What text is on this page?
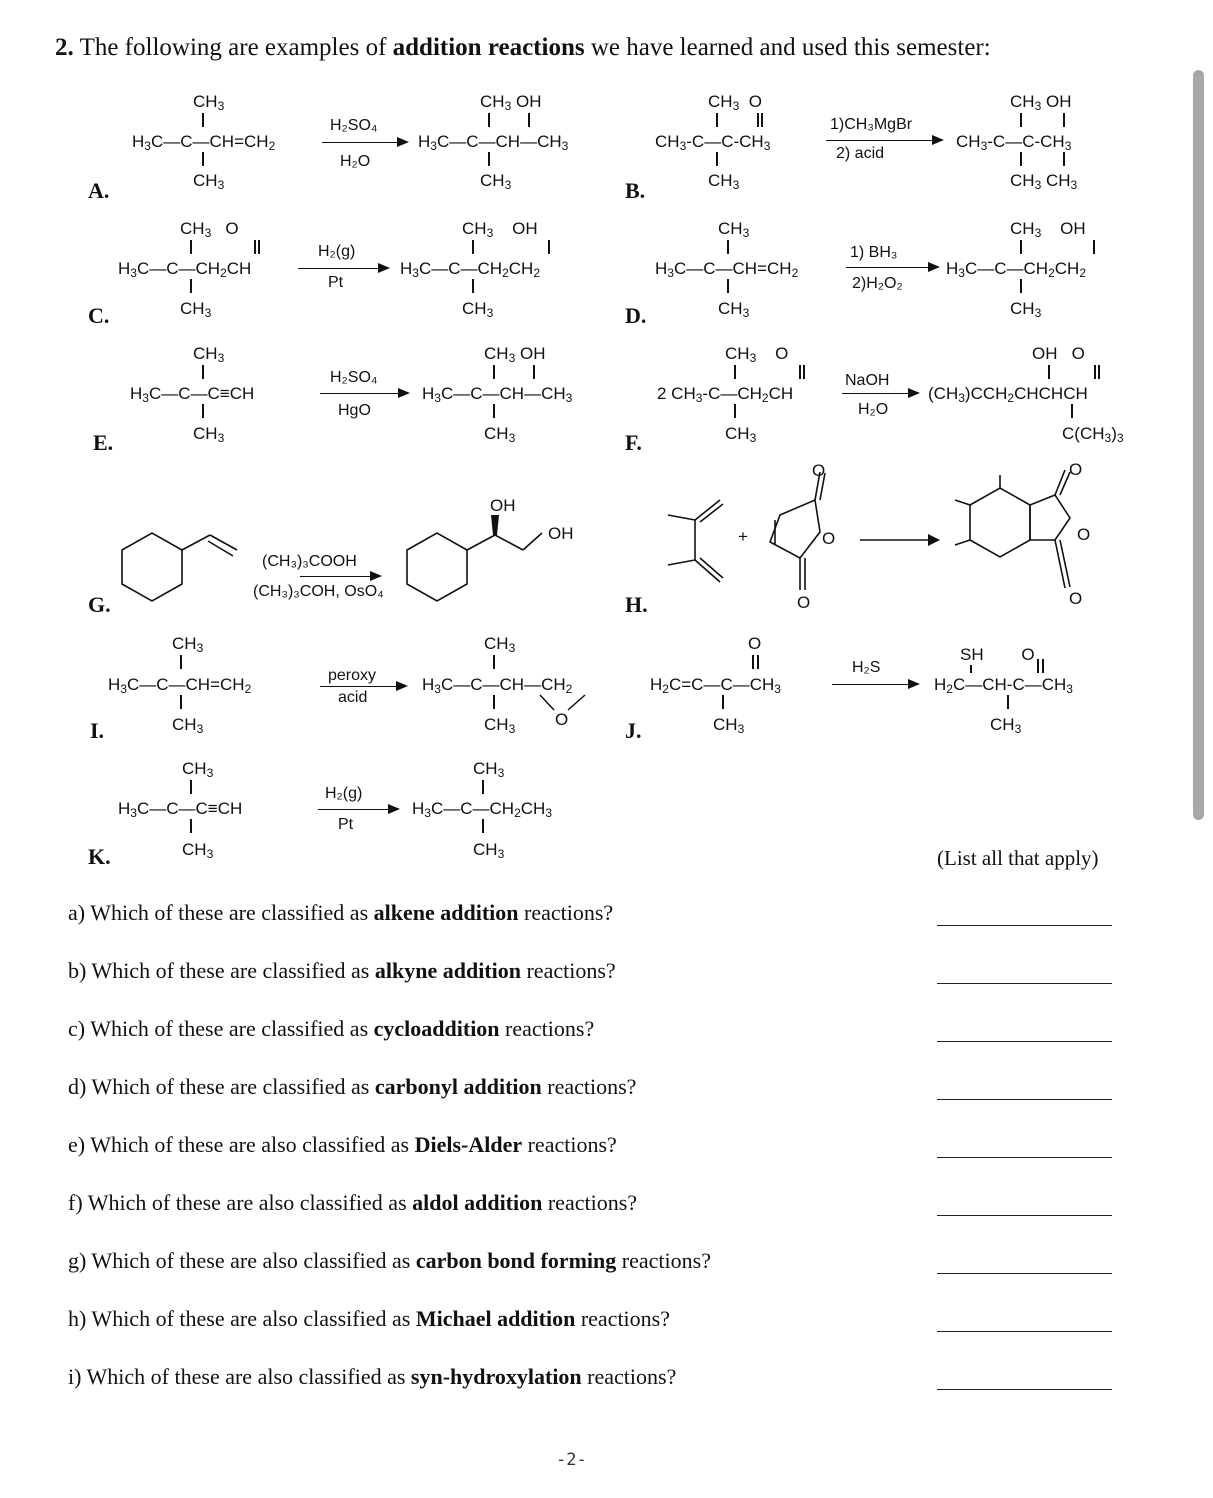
2. The following are examples of addition reactions we have learned and used this semester:
A.	B.
C.	D.
E.	F.
G.	H.
I.	J.
K.
$CH_3$
$H_3C—C—CH=CH_2$
$CH_3$
H₂SO₄
H₂O
$CH_3$ OH
$H_3C—C—CH—CH_3$
$CH_3$
$CH_3$  O
$CH_3-C—C-CH_3$
$CH_3$
1)CH₃MgBr
2) acid
$CH_3$ OH
$CH_3-C—C-CH_3$
$CH_3$ $CH_3$
$CH_3$   O
$H_3C—C—CH_2CH$
$CH_3$
H₂(g)
Pt
$CH_3$    OH
$H_3C—C—CH_2CH_2$
$CH_3$
$CH_3$
$H_3C—C—CH=CH_2$
$CH_3$
1) BH₃
2)H₂O₂
$CH_3$    OH
$H_3C—C—CH_2CH_2$
$CH_3$
$CH_3$
$H_3C—C—C\equiv CH$
$CH_3$
H₂SO₄
HgO
$CH_3$ OH
$H_3C—C—CH—CH_3$
$CH_3$
$CH_3$    O
2 $CH_3-C—CH_2CH$
$CH_3$
NaOH
H₂O
OH   O
$(CH_3)CCH_2CHCHCH$
$C(CH_3)_3$
OH
OH
(CH₃)₃COOH
(CH₃)₃COH, OsO₄
+
O
O
O
O
O
O
$CH_3$
$H_3C—C—CH=CH_2$
$CH_3$
peroxy
acid
$CH_3$
$H_3C—C—CH—CH_2$
$CH_3$ O
O
$H_2C=C—C—CH_3$
$CH_3$
H₂S
SH        O
$H_2C—CH-C—CH_3$
$CH_3$
$CH_3$
$H_3C—C—C\equiv CH$
$CH_3$
H₂(g)
Pt
$CH_3$
$H_3C—C—CH_2CH_3$
$CH_3$	(List all that apply)
a) Which of these are classified as alkene addition reactions?
b) Which of these are classified as alkyne addition reactions?
c) Which of these are classified as cycloaddition reactions?
d) Which of these are classified as carbonyl addition reactions?
e) Which of these are also classified as Diels-Alder reactions?
f) Which of these are also classified as aldol addition reactions?
g) Which of these are also classified as carbon bond forming reactions?
h) Which of these are also classified as Michael addition reactions?
i) Which of these are also classified as syn-hydroxylation reactions?
-2-
